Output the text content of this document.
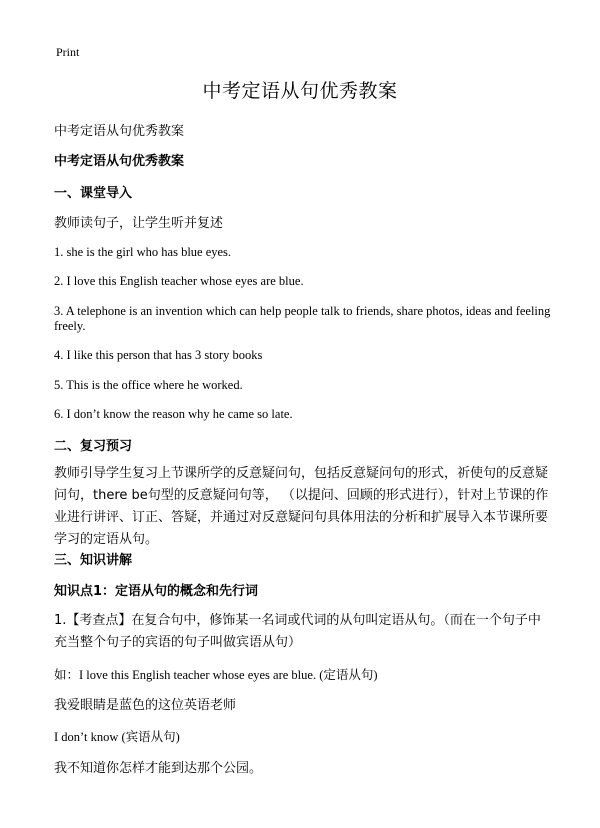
Print
中考定语从句优秀教案
中考定语从句优秀教案
中考定语从句优秀教案
一、课堂导入
教师读句子，让学生听并复述
1. she is the girl who has blue eyes.
2. I love this English teacher whose eyes are blue.
3. A telephone is an invention which can help people talk to friends, share photos, ideas and feeling freely.
4. I like this person that has 3 story books
5. This is the office where he worked.
6. I don’t know the reason why he came so late.
二、复习预习
教师引导学生复习上节课所学的反意疑问句，包括反意疑问句的形式，祈使句的反意疑问句，there be句型的反意疑问句等， （以提问、回顾的形式进行），针对上节课的作业进行讲评、订正、答疑，并通过对反意疑问句具体用法的分析和扩展导入本节课所要学习的定语从句。
三、知识讲解
知识点1：定语从句的概念和先行词
1.【考查点】在复合句中，修饰某一名词或代词的从句叫定语从句。（而在一个句子中充当整个句子的宾语的句子叫做宾语从句）
如：I love this English teacher whose eyes are blue. (定语从句)
我爱眼睛是蓝色的这位英语老师
I don’t know (宾语从句)
我不知道你怎样才能到达那个公园。
